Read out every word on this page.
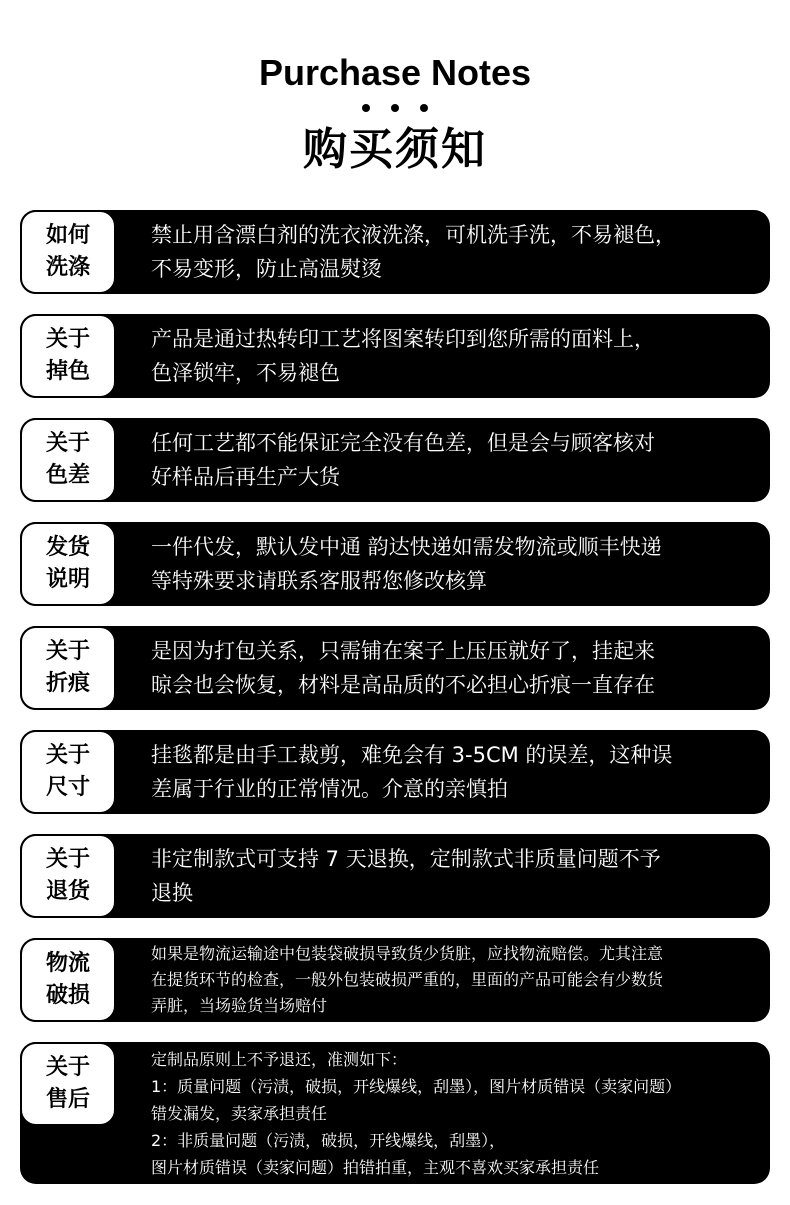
Purchase Notes
购买须知
如何
洗涤
禁止用含漂白剂的洗衣液洗涤，可机洗手洗，不易褪色，
不易变形，防止高温熨烫
关于
掉色
产品是通过热转印工艺将图案转印到您所需的面料上，
色泽锁牢，不易褪色
关于
色差
任何工艺都不能保证完全没有色差，但是会与顾客核对
好样品后再生产大货
发货
说明
一件代发，默认发中通 韵达快递如需发物流或顺丰快递
等特殊要求请联系客服帮您修改核算
关于
折痕
是因为打包关系，只需铺在案子上压压就好了，挂起来
晾会也会恢复，材料是高品质的不必担心折痕一直存在
关于
尺寸
挂毯都是由手工裁剪，难免会有 3-5CM 的误差，这种误
差属于行业的正常情况。介意的亲慎拍
关于
退货
非定制款式可支持 7 天退换，定制款式非质量问题不予
退换
物流
破损
如果是物流运输途中包装袋破损导致货少货脏，应找物流赔偿。尤其注意
在提货环节的检查，一般外包装破损严重的，里面的产品可能会有少数货
弄脏，当场验货当场赔付
关于
售后
定制品原则上不予退还，准测如下：
1：质量问题（污渍，破损，开线爆线，刮墨），图片材质错误（卖家问题）
错发漏发，卖家承担责任
2：非质量问题（污渍，破损，开线爆线，刮墨），
图片材质错误（卖家问题）拍错拍重，主观不喜欢买家承担责任
